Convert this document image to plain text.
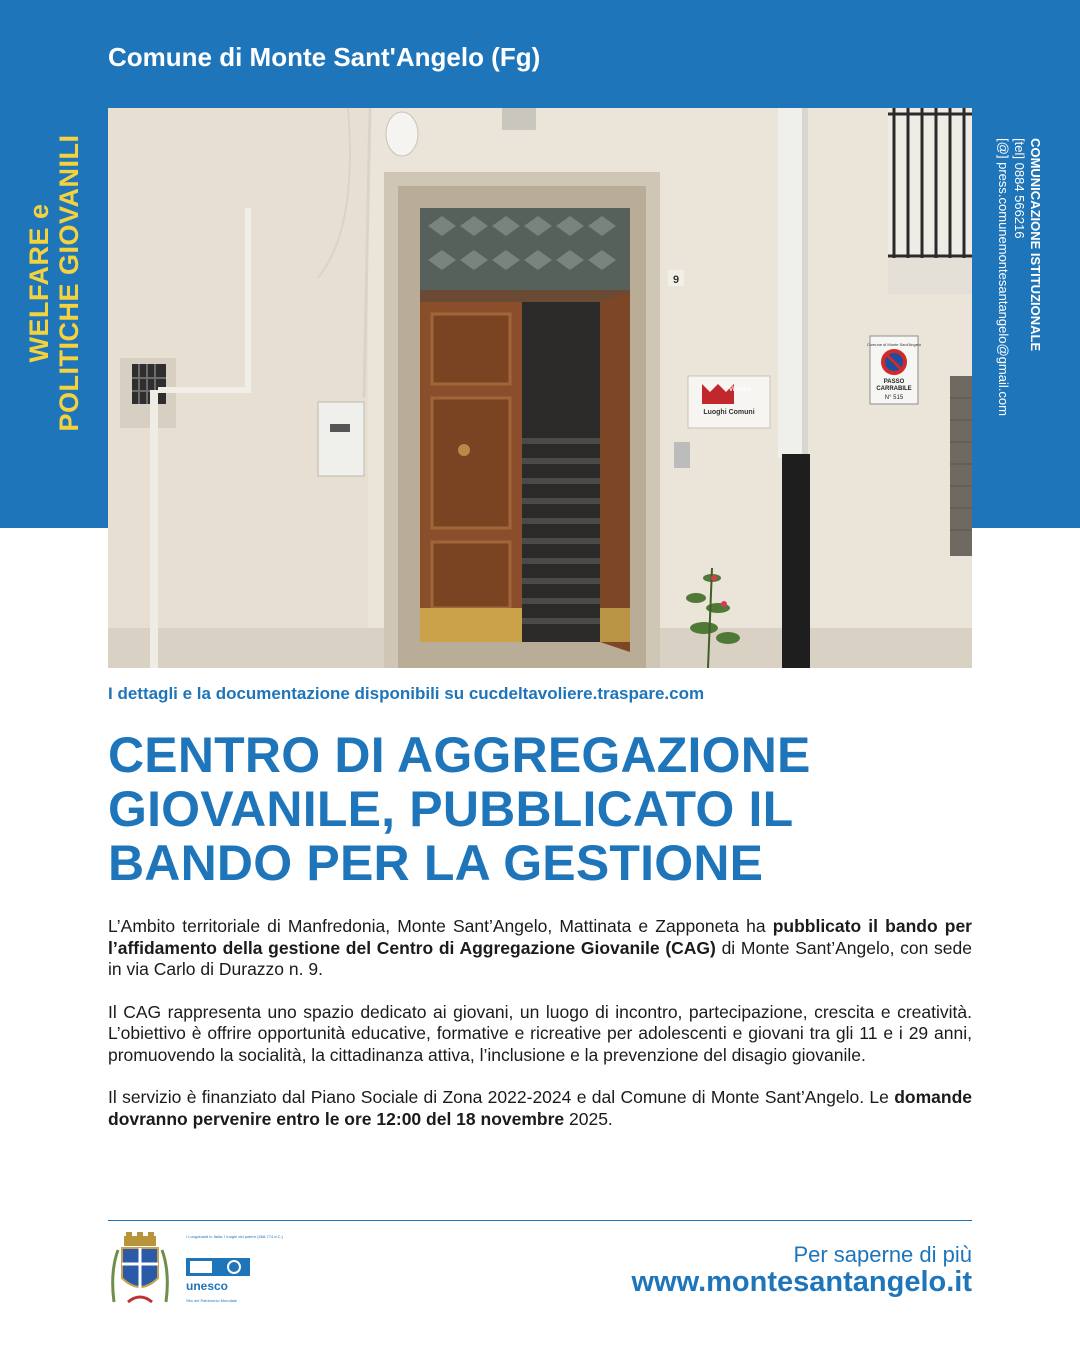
Comune di Monte Sant'Angelo (Fg)
WELFARE e POLITICHE GIOVANILI	COMUNICAZIONE ISTITUZIONALE
[tel] 0884 566216
[@] press.comunemontesantangelo@gmail.com
9
Visitare
Luoghi Comuni
Comune di Monte Sant'Angelo
PASSO
CARRABILE
N° 515
I dettagli e la documentazione disponibili su cucdeltavoliere.traspare.com
CENTRO DI AGGREGAZIONE
GIOVANILE, PUBBLICATO IL
BANDO PER LA GESTIONE

L’Ambito territoriale di Manfredonia, Monte Sant’Angelo, Mattinata e Zapponeta ha pubblicato il bando per l’affidamento della gestione del Centro di Aggregazione Giovanile (CAG) di Monte Sant’Angelo, con sede in via Carlo di Durazzo n. 9.

Il CAG rappresenta uno spazio dedicato ai giovani, un luogo di incontro, partecipazione, crescita e creatività. L’obiettivo è offrire opportunità educative, formative e ricreative per adolescenti e giovani tra gli 11 e i 29 anni, promuovendo la socialità, la cittadinanza attiva, l’inclusione e la prevenzione del disagio giovanile.

Il servizio è finanziato dal Piano Sociale di Zona 2022-2024 e dal Comune di Monte Sant’Angelo. Le domande dovranno pervenire entro le ore 12:00 del 18 novembre 2025.

I Longobardi in Italia. I luoghi del potere (568-774 d.C.)
unesco
Sito del Patrimonio Mondiale
Per saperne di più
www.montesantangelo.it
